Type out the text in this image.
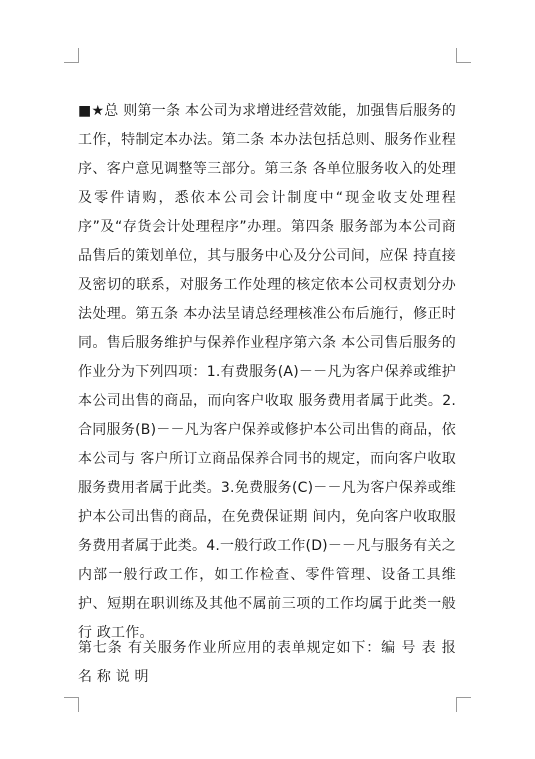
■★总 则第一条 本公司为求增进经营效能，加强售后服务的工作，特制定本办法。第二条 本办法包括总则、服务作业程序、客户意见调整等三部分。第三条 各单位服务收入的处理及零件请购，悉依本公司会计制度中“现金收支处理程序”及“存货会计处理程序”办理。第四条 服务部为本公司商品售后的策划单位，其与服务中心及分公司间，应保 持直接及密切的联系，对服务工作处理的核定依本公司权责划分办法处理。第五条 本办法呈请总经理核准公布后施行，修正时同。售后服务维护与保养作业程序第六条 本公司售后服务的作业分为下列四项：1.有费服务(A)－－凡为客户保养或维护本公司出售的商品，而向客户收取 服务费用者属于此类。2.合同服务(B)－－凡为客户保养或修护本公司出售的商品，依本公司与 客户所订立商品保养合同书的规定，而向客户收取服务费用者属于此类。3.免费服务(C)－－凡为客户保养或维护本公司出售的商品，在免费保证期 间内，免向客户收取服务费用者属于此类。4.一般行政工作(D)－－凡与服务有关之内部一般行政工作，如工作检查、零件管理、设备工具维护、短期在职训练及其他不属前三项的工作均属于此类一般行 政工作。

第七条 有关服务作业所应用的表单规定如下：编 号 表 报 名 称 说 明
